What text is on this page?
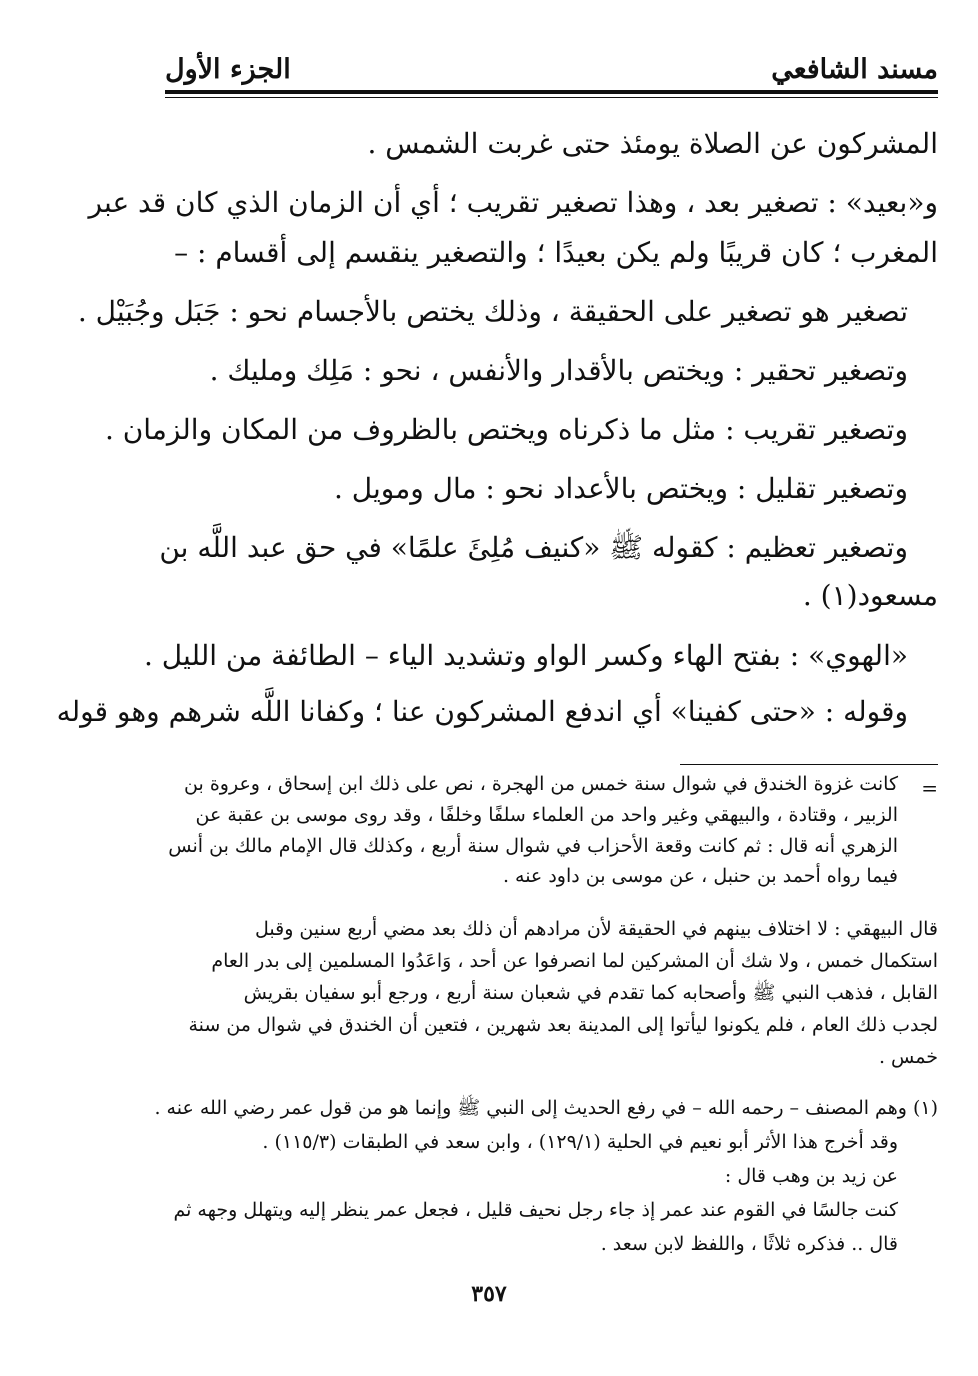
مسند الشافعي
الجزء الأول
المشركون عن الصلاة يومئذ حتى غربت الشمس .
و«بعيد» : تصغير بعد ، وهذا تصغير تقريب ؛ أي أن الزمان الذي كان قد عبر
المغرب ؛ كان قريبًا ولم يكن بعيدًا ؛ والتصغير ينقسم إلى أقسام : –
تصغير هو تصغير على الحقيقة ، وذلك يختص بالأجسام نحو : جَبَل وجُبَيْل .
وتصغير تحقير : ويختص بالأقدار والأنفس ، نحو : مَلِك ومليك .
وتصغير تقريب : مثل ما ذكرناه ويختص بالظروف من المكان والزمان .
وتصغير تقليل : ويختص بالأعداد نحو : مال ومويل .
وتصغير تعظيم : كقوله ﷺ «كنيف مُلِئَ علمًا» في حق عبد اللَّه بن
مسعود(١) .
«الهوي» : بفتح الهاء وكسر الواو وتشديد الياء – الطائفة من الليل .
وقوله : «حتى كفينا» أي اندفع المشركون عنا ؛ وكفانا اللَّه شرهم وهو قوله
=
كانت غزوة الخندق في شوال سنة خمس من الهجرة ، نص على ذلك ابن إسحاق ، وعروة بن
الزبير ، وقتادة ، والبيهقي وغير واحد من العلماء سلفًا وخلفًا ، وقد روى موسى بن عقبة عن
الزهري أنه قال : ثم كانت وقعة الأحزاب في شوال سنة أربع ، وكذلك قال الإمام مالك بن أنس
فيما رواه أحمد بن حنبل ، عن موسى بن داود عنه .
قال البيهقي : لا اختلاف بينهم في الحقيقة لأن مرادهم أن ذلك بعد مضي أربع سنين وقبل
استكمال خمس ، ولا شك أن المشركين لما انصرفوا عن أحد ، وَاعَدُوا المسلمين إلى بدر العام
القابل ، فذهب النبي ﷺ وأصحابه كما تقدم في شعبان سنة أربع ، ورجع أبو سفيان بقريش
لجدب ذلك العام ، فلم يكونوا ليأتوا إلى المدينة بعد شهرين ، فتعين أن الخندق في شوال من سنة
خمس .
(١) وهم المصنف – رحمه الله – في رفع الحديث إلى النبي ﷺ وإنما هو من قول عمر رضي الله عنه .
وقد أخرج هذا الأثر أبو نعيم في الحلية (١٢٩/١) ، وابن سعد في الطبقات (١١٥/٣) .
عن زيد بن وهب قال :
كنت جالسًا في القوم عند عمر إذ جاء رجل نحيف قليل ، فجعل عمر ينظر إليه ويتهلل وجهه ثم
قال .. فذكره ثلاثًا ، واللفظ لابن سعد .
٣٥٧
